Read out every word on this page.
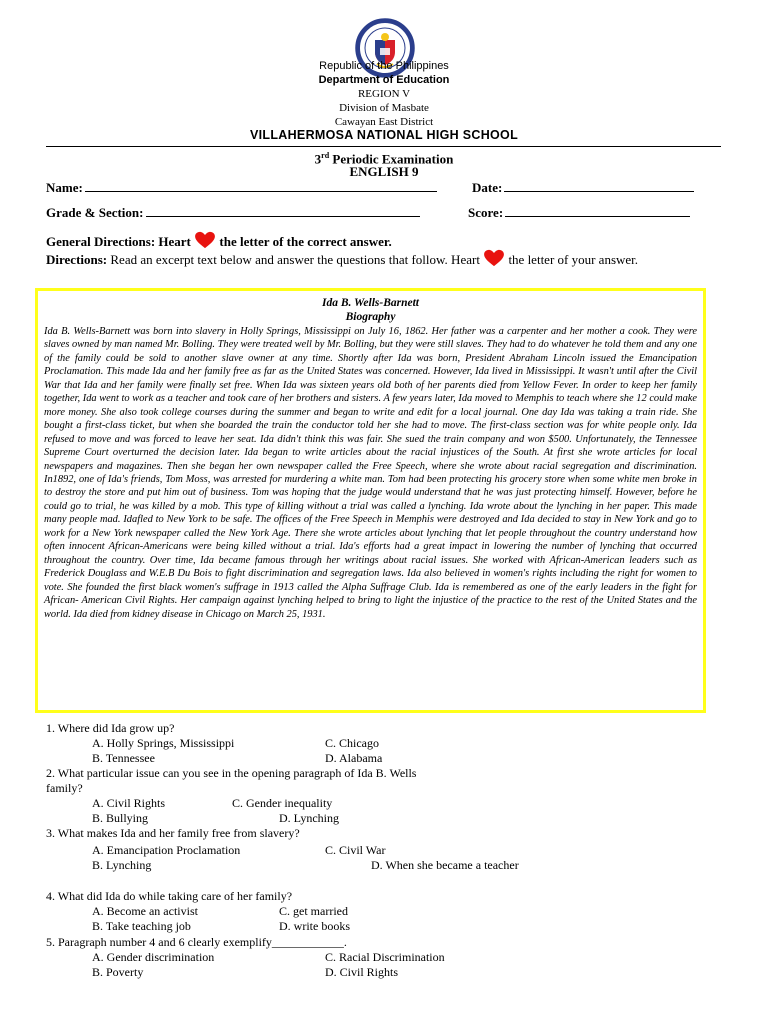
Republic of the Philippines
Department of Education
REGION V
Division of Masbate
Cawayan East District
VILLAHERMOSA NATIONAL HIGH SCHOOL
3rd Periodic Examination
ENGLISH 9
Name:	Date:
Grade & Section:	Score:
General Directions: Heart  the letter of the correct answer.
Directions: Read an excerpt text below and answer the questions that follow. Heart  the letter of your answer.
Ida B. Wells-Barnett
Biography

Ida B. Wells-Barnett was born into slavery in Holly Springs, Mississippi on July 16, 1862. Her father was a carpenter and her mother a cook. They were slaves owned by man named Mr. Bolling. They were treated well by Mr. Bolling, but they were still slaves. They had to do whatever he told them and any one of the family could be sold to another slave owner at any time. Shortly after Ida was born, President Abraham Lincoln issued the Emancipation Proclamation. This made Ida and her family free as far as the United States was concerned. However, Ida lived in Mississippi. It wasn't until after the Civil War that Ida and her family were finally set free. When Ida was sixteen years old both of her parents died from Yellow Fever. In order to keep her family together, Ida went to work as a teacher and took care of her brothers and sisters. A few years later, Ida moved to Memphis to teach where she 12 could make more money. She also took college courses during the summer and began to write and edit for a local journal. One day Ida was taking a train ride. She bought a first-class ticket, but when she boarded the train the conductor told her she had to move. The first-class section was for white people only. Ida refused to move and was forced to leave her seat. Ida didn't think this was fair. She sued the train company and won $500. Unfortunately, the Tennessee Supreme Court overturned the decision later. Ida began to write articles about the racial injustices of the South. At first she wrote articles for local newspapers and magazines. Then she began her own newspaper called the Free Speech, where she wrote about racial segregation and discrimination. In1892, one of Ida's friends, Tom Moss, was arrested for murdering a white man. Tom had been protecting his grocery store when some white men broke in to destroy the store and put him out of business. Tom was hoping that the judge would understand that he was just protecting himself. However, before he could go to trial, he was killed by a mob. This type of killing without a trial was called a lynching. Ida wrote about the lynching in her paper. This made many people mad. Idafled to New York to be safe. The offices of the Free Speech in Memphis were destroyed and Ida decided to stay in New York and go to work for a New York newspaper called the New York Age. There she wrote articles about lynching that let people throughout the country understand how often innocent African-Americans were being killed without a trial. Ida's efforts had a great impact in lowering the number of lynching that occurred throughout the country. Over time, Ida became famous through her writings about racial issues. She worked with African-American leaders such as Frederick Douglass and W.E.B Du Bois to fight discrimination and segregation laws. Ida also believed in women's rights including the right for women to vote. She founded the first black women's suffrage in 1913 called the Alpha Suffrage Club. Ida is remembered as one of the early leaders in the fight for African- American Civil Rights. Her campaign against lynching helped to bring to light the injustice of the practice to the rest of the United States and the world. Ida died from kidney disease in Chicago on March 25, 1931.

1. Where did Ida grow up?
A. Holly Springs, Mississippi
B. Tennessee
C. Chicago
D. Alabama
2. What particular issue can you see in the opening paragraph of Ida B. Wells
family?
A. Civil Rights
B. Bullying
C. Gender inequality
D. Lynching
3. What makes Ida and her family free from slavery?
A. Emancipation Proclamation
B. Lynching
C. Civil War
D. When she became a teacher
4. What did Ida do while taking care of her family?
A. Become an activist
B. Take teaching job
C. get married
D. write books
5. Paragraph number 4 and 6 clearly exemplify____________.
A. Gender discrimination
B. Poverty
C. Racial Discrimination
D. Civil Rights
